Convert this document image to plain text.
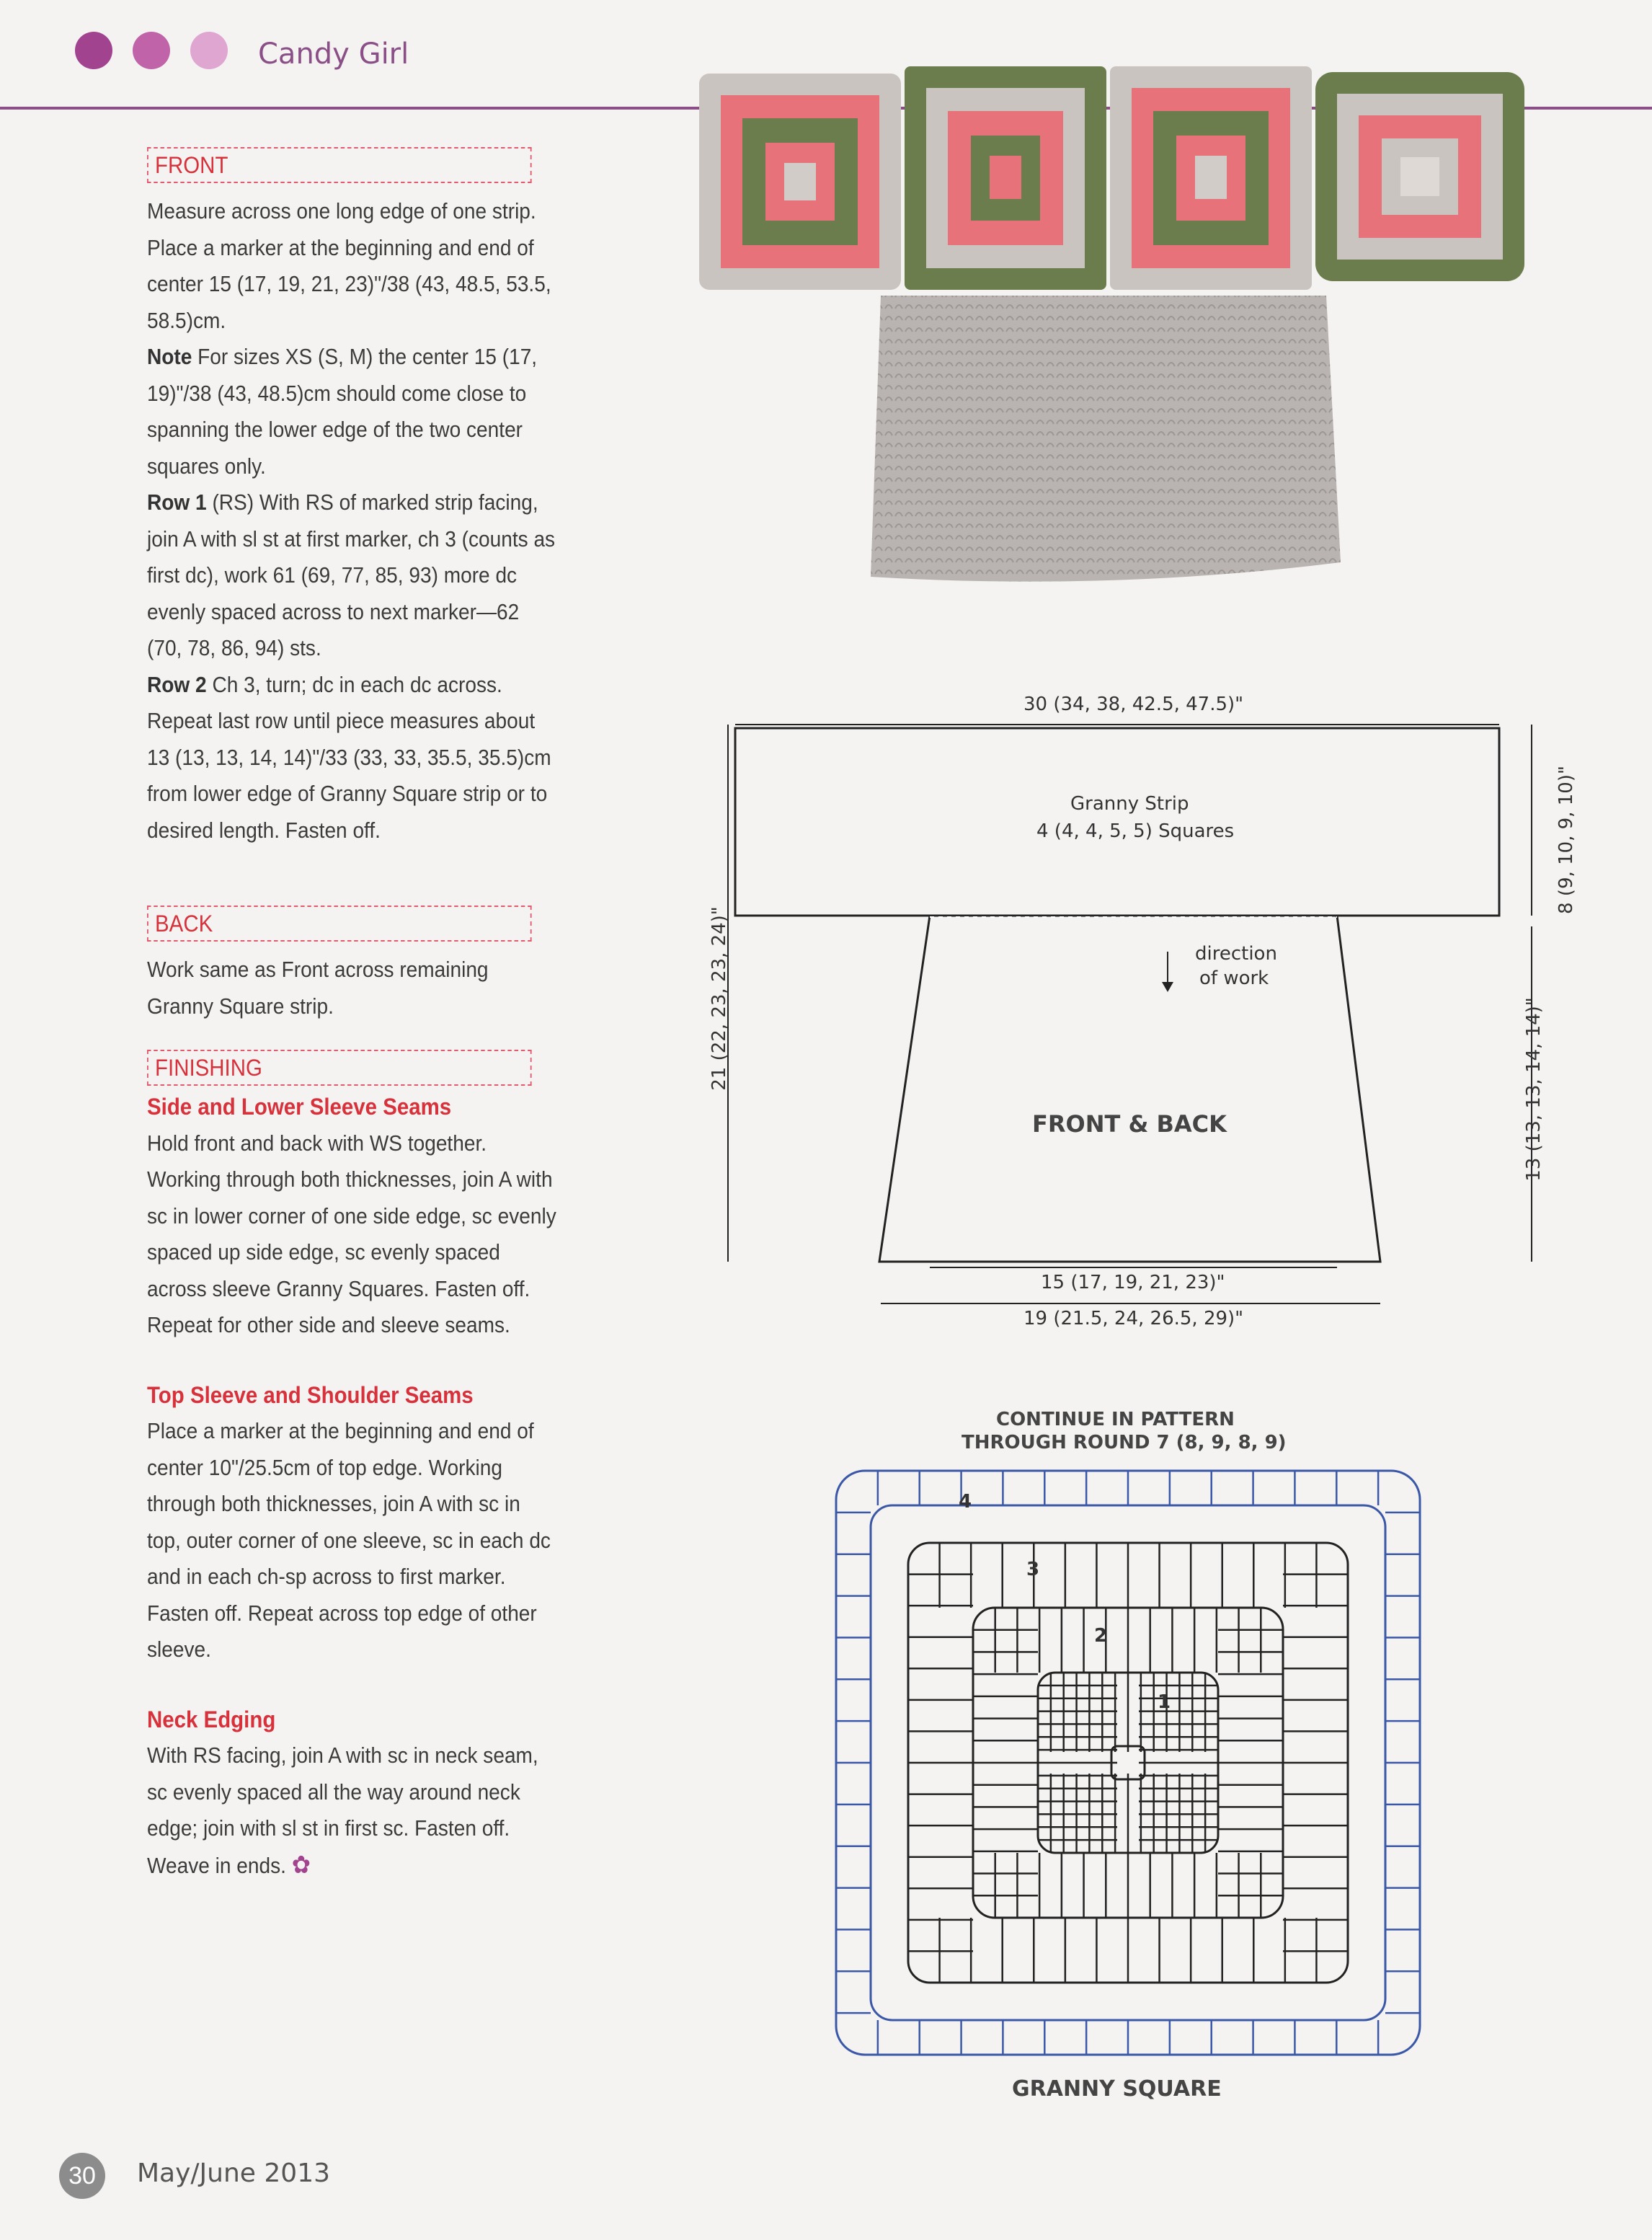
Candy Girl
FRONT

Measure across one long edge of one strip. Place a marker at the beginning and end of center 15 (17, 19, 21, 23)"/38 (43, 48.5, 53.5, 58.5)cm.

Note For sizes XS (S, M) the center 15 (17, 19)"/38 (43, 48.5)cm should come close to spanning the lower edge of the two center squares only.

Row 1 (RS) With RS of marked strip facing, join A with sl st at first marker, ch 3 (counts as first dc), work 61 (69, 77, 85, 93) more dc evenly spaced across to next marker—62 (70, 78, 86, 94) sts.

Row 2 Ch 3, turn; dc in each dc across. Repeat last row until piece measures about 13 (13, 13, 14, 14)"/33 (33, 33, 35.5, 35.5)cm from lower edge of Granny Square strip or to desired length. Fasten off.

BACK

Work same as Front across remaining Granny Square strip.

FINISHING

Side and Lower Sleeve Seams

Hold front and back with WS together. Working through both thicknesses, join A with sc in lower corner of one side edge, sc evenly spaced up side edge, sc evenly spaced across sleeve Granny Squares. Fasten off. Repeat for other side and sleeve seams.

Top Sleeve and Shoulder Seams

Place a marker at the beginning and end of center 10"/25.5cm of top edge. Working through both thicknesses, join A with sc in top, outer corner of one sleeve, sc in each dc and in each ch-sp across to first marker. Fasten off. Repeat across top edge of other sleeve.

Neck Edging

With RS facing, join A with sc in neck seam, sc evenly spaced all the way around neck edge; join with sl st in first sc. Fasten off.

Weave in ends. ✿

30 (34, 38, 42.5, 47.5)"
Granny Strip
4 (4, 4, 5, 5) Squares	8 (9, 10, 9, 10)"
13 (13, 13, 14, 14)"
21 (22, 23, 23, 24)"	direction
of work
FRONT & BACK
15 (17, 19, 21, 23)"
19 (21.5, 24, 26.5, 29)"
CONTINUE IN PATTERN
THROUGH ROUND 7 (8, 9, 8, 9)
1
2
3
4
GRANNY SQUARE
30	May/June 2013
